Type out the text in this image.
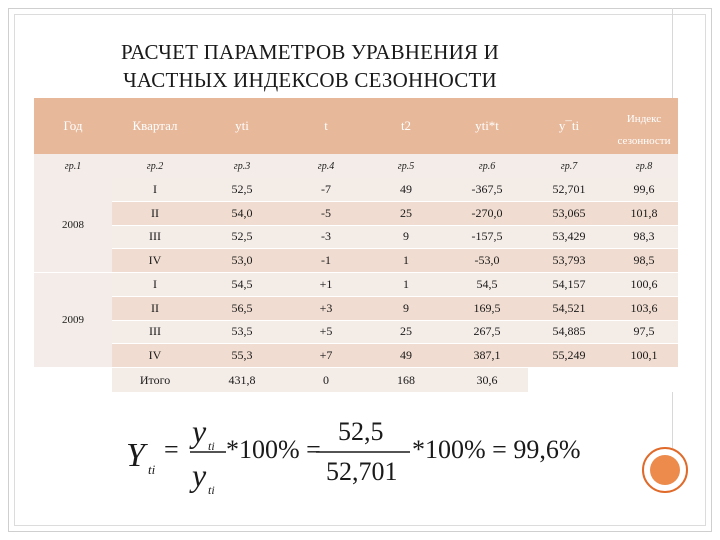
РАСЧЕТ ПАРАМЕТРОВ УРАВНЕНИЯ И
ЧАСТНЫХ ИНДЕКСОВ СЕЗОННОСТИ
Год	Квартал	yti	t	t2	yti*t	y¯ti	Индекс сезонности
гр.1	гр.2	гр.3	гр.4	гр.5	гр.6	гр.7	гр.8
2008	I	52,5	-7	49	-367,5	52,701	99,6
	II	54,0	-5	25	-270,0	53,065	101,8
	III	52,5	-3	9	-157,5	53,429	98,3
	IV	53,0	-1	1	-53,0	53,793	98,5
2009	I	54,5	+1	1	54,5	54,157	100,6
	II	56,5	+3	9	169,5	54,521	103,6
	III	53,5	+5	25	267,5	54,885	97,5
	IV	55,3	+7	49	387,1	55,249	100,1
	Итого	431,8	0	168	30,6		
Y ti
=
y ti
y ti
*100% =
52,5
52,701
*100% = 99,6%
